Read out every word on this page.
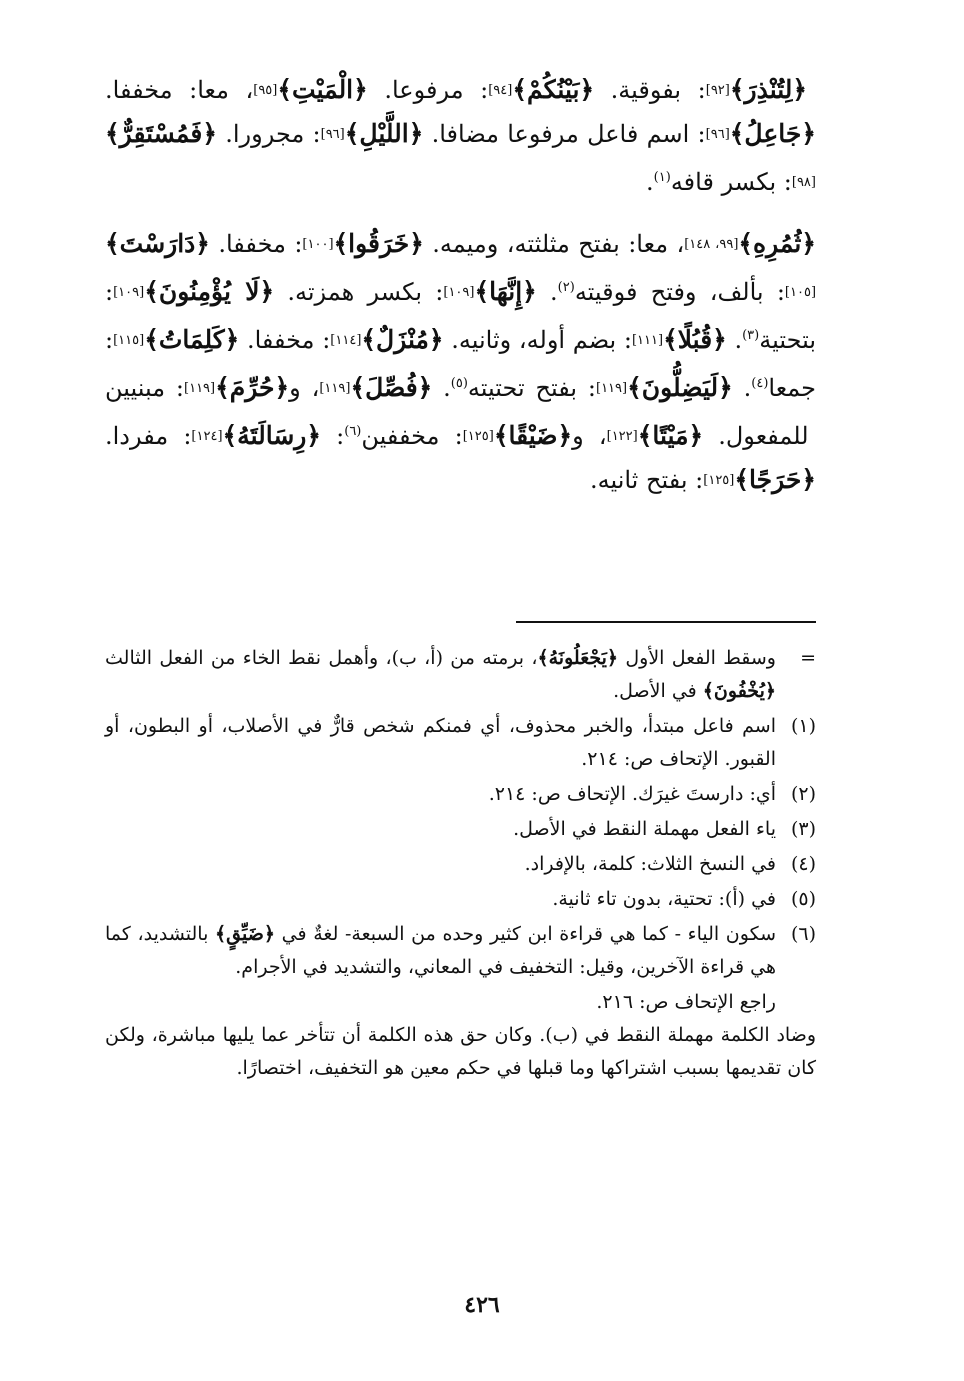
﴿لِتُنْذِرَ﴾[٩٢]: بفوقية. ﴿بَيْنُكُمْ﴾[٩٤]: مرفوعا. ﴿الْمَيْتِ﴾[٩٥]، معا: مخففا. ﴿جَاعِلُ﴾[٩٦]: اسم فاعل مرفوعا مضافا. ﴿اللَّيْلِ﴾[٩٦]: مجرورا. ﴿فَمُسْتَقِرٌّ﴾[٩٨]: بكسر قافه$^{(١)}$.

﴿ثُمُرِهِ﴾[٩٩، ١٤٨]، معا: بفتح مثلثته، وميمه. ﴿خَرَقُوا﴾[١٠٠]: مخففا. ﴿دَارَسْتَ﴾[١٠٥]: بألف، وفتح فوقيته$^{(٢)}$. ﴿إِنَّهَا﴾[١٠٩]: بكسر همزته. ﴿لَا يُؤْمِنُونَ﴾[١٠٩]: بتحتية$^{(٣)}$. ﴿قُبُلًا﴾[١١١]: بضم أوله، وثانيه. ﴿مُنْزَلٌ﴾[١١٤]: مخففا. ﴿كَلِمَاتُ﴾[١١٥]: جمعا$^{(٤)}$. ﴿لَيَضِلُّونَ﴾[١١٩]: بفتح تحتيته$^{(٥)}$. ﴿فُصِّلَ﴾[١١٩]، و﴿حُرِّمَ﴾[١١٩]: مبنيين للمفعول. ﴿مَيْتًا﴾[١٢٢]، و﴿ضَيْقًا﴾[١٢٥]: مخففين$^{(٦)}$: ﴿رِسَالَتَهُ﴾[١٢٤]: مفردا. ﴿حَرَجًا﴾[١٢٥]: بفتح ثانيه.

=
وسقط الفعل الأول ﴿يَجْعَلُونَهُ﴾، برمته من (أ، ب)، وأهمل نقط الخاء من الفعل الثالث ﴿يُخْفُونَ﴾ في الأصل.
(١)
اسم فاعل مبتدأ، والخبر محذوف، أي فمنكم شخص قارٌّ في الأصلاب، أو البطون، أو القبور. الإتحاف ص: ٢١٤.
(٢)
أي: دارستَ غيرَك. الإتحاف ص: ٢١٤.
(٣)
ياء الفعل مهملة النقط في الأصل.
(٤)
في النسخ الثلاث: كلمة، بالإفراد.
(٥)
في (أ): تحتية، بدون تاء ثانية.
(٦)
سكون الياء - كما هي قراءة ابن كثير وحده من السبعة- لغةٌ في ﴿ضَيِّقٍ﴾ بالتشديد، كما هي قراءة الآخرين، وقيل: التخفيف في المعاني، والتشديد في الأجرام.
راجع الإتحاف ص: ٢١٦.
وضاد الكلمة مهملة النقط في (ب). وكان حق هذه الكلمة أن تتأخر عما يليها مباشرة، ولكن كان تقديمها بسبب اشتراكها وما قبلها في حكم معين هو التخفيف، اختصارًا.
٤٢٦
